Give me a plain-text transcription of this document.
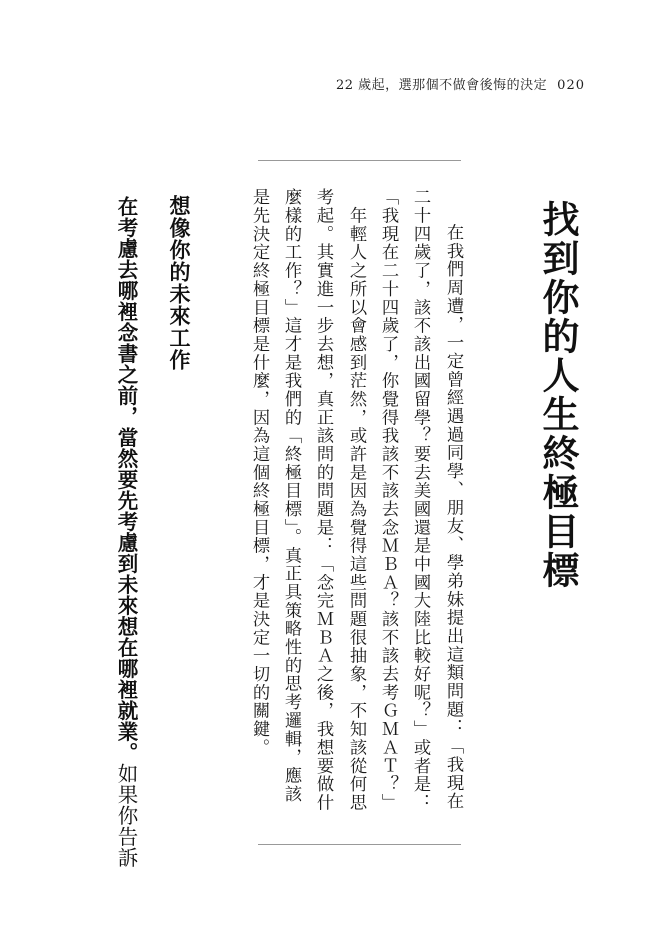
22 歲起，選那個不做會後悔的決定 020
找到你的人生終極目標
　在我們周遭，一定曾經遇過同學、朋友、學弟妹提出這類問題：「我現在
二十四歲了，該不該出國留學？要去美國還是中國大陸比較好呢？」或者是：
「我現在二十四歲了，你覺得我該不該去念ＭＢＡ？該不該去考ＧＭＡＴ？」
　年輕人之所以會感到茫然，或許是因為覺得這些問題很抽象，不知該從何思
考起。其實進一步去想，真正該問的問題是：「念完ＭＢＡ之後，我想要做什
麼樣的工作？」這才是我們的「終極目標」。真正具策略性的思考邏輯，應該
是先決定終極目標是什麼，因為這個終極目標，才是決定一切的關鍵。
想像你的未來工作
在考慮去哪裡念書之前，當然要先考慮到未來想在哪裡就業。如果你告訴
